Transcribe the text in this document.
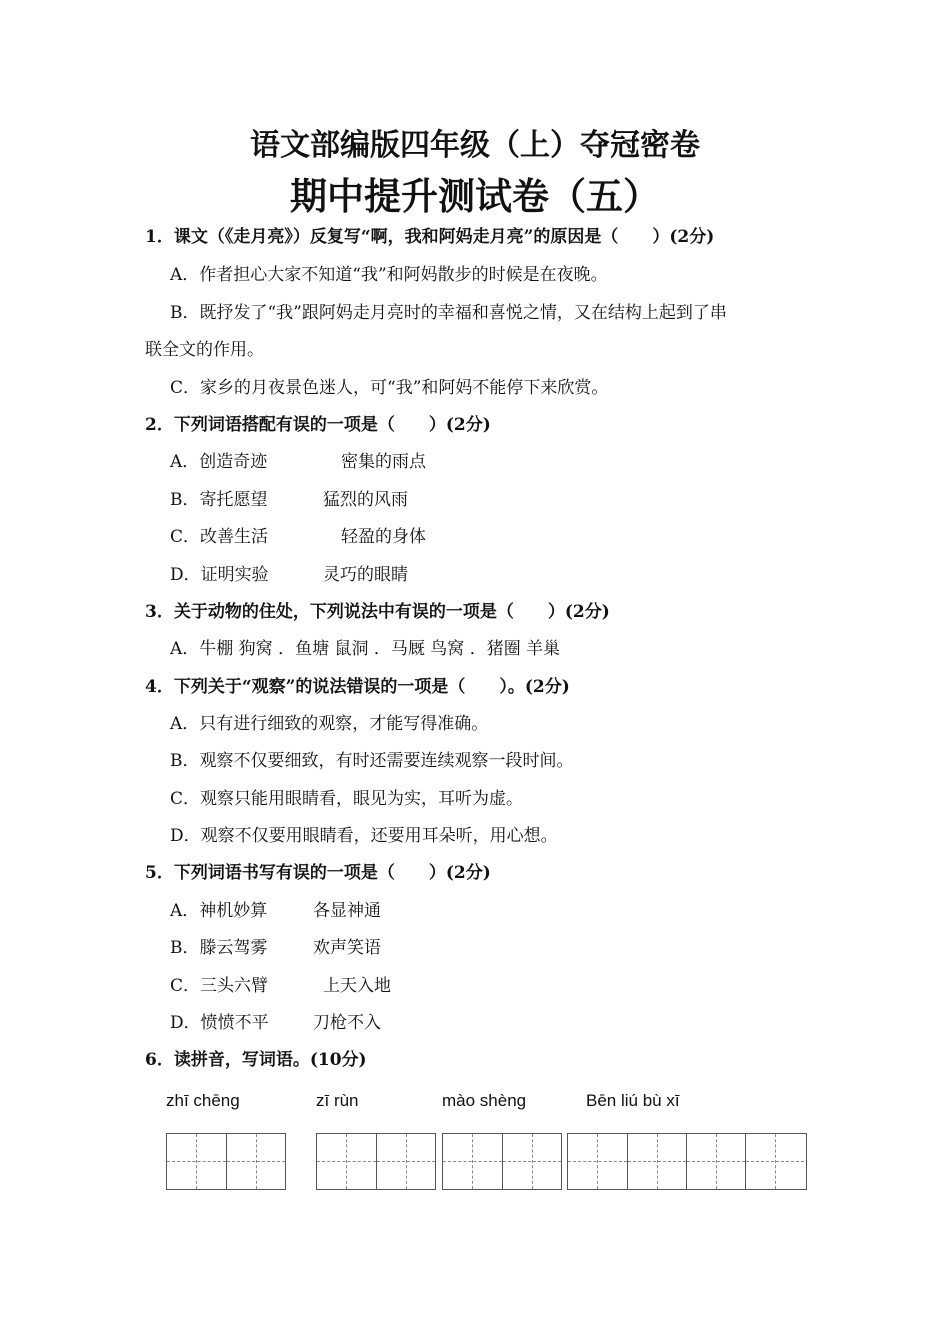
语文部编版四年级（上）夺冠密卷
期中提升测试卷（五）
1．课文（《走月亮》）反复写“啊，我和阿妈走月亮”的原因是（　　）(2分)
A．作者担心大家不知道“我”和阿妈散步的时候是在夜晚。
B．既抒发了“我”跟阿妈走月亮时的幸福和喜悦之情，又在结构上起到了串
联全文的作用。
C．家乡的月夜景色迷人，可“我”和阿妈不能停下来欣赏。
2．下列词语搭配有误的一项是（　　）(2分)
A．创造奇迹	密集的雨点
B．寄托愿望	猛烈的风雨
C．改善生活	轻盈的身体
D．证明实验	灵巧的眼睛
3．关于动物的住处，下列说法中有误的一项是（　　）(2分)
A．牛棚 狗窝 ．鱼塘 鼠洞 ．马厩 鸟窝 ．猪圈 羊巢
4．下列关于“观察”的说法错误的一项是（　　）。(2分)
A．只有进行细致的观察，才能写得准确。
B．观察不仅要细致，有时还需要连续观察一段时间。
C．观察只能用眼睛看，眼见为实，耳听为虚。
D．观察不仅要用眼睛看，还要用耳朵听，用心想。
5．下列词语书写有误的一项是（　　）(2分)
A．神机妙算	各显神通
B．滕云驾雾	欢声笑语
C．三头六臂	上天入地
D．愤愤不平	刀枪不入
6．读拼音，写词语。(10分)
zhī chēng	zī rùn	mào shèng	Bēn liú bù xī
